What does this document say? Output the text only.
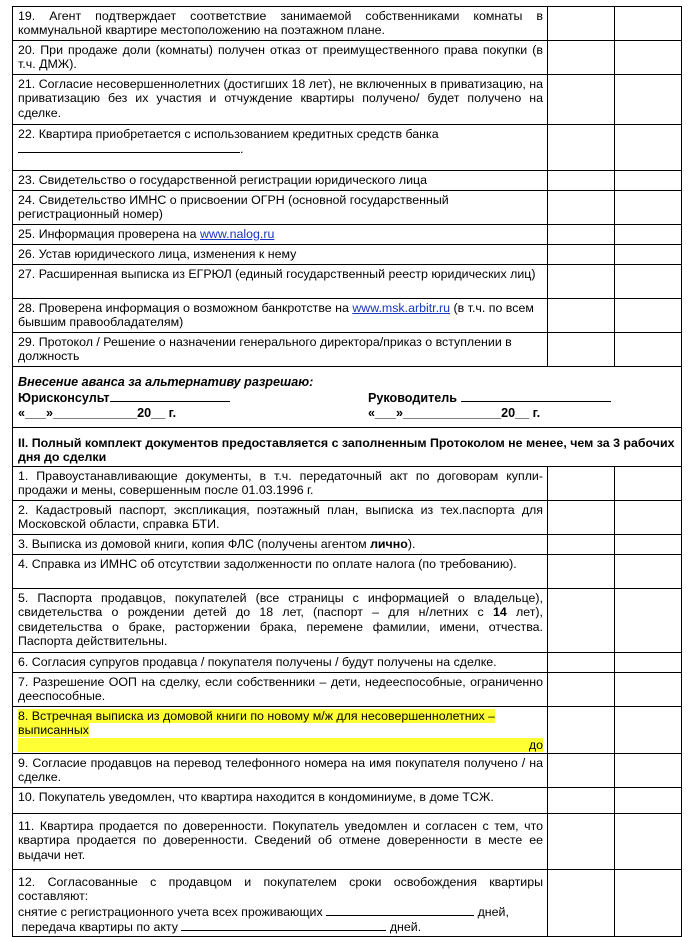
19. Агент подтверждает соответствие занимаемой собственниками комнаты в коммунальной квартире местоположению на поэтажном плане.		
20. При продаже доли (комнаты) получен отказ от преимущественного права покупки (в т.ч. ДМЖ).		
21. Согласие несовершеннолетних (достигших 18 лет), не включенных в приватизацию, на приватизацию без их участия и отчуждение квартиры получено/ будет получено на сделке.		
22. Квартира приобретается с использованием кредитных средств банка
.		
23. Свидетельство о государственной регистрации юридического лица		
24. Свидетельство ИМНС о присвоении ОГРН (основной государственный регистрационный номер)		
25. Информация проверена на www.nalog.ru		
26. Устав юридического лица, изменения к нему		
27. Расширенная выписка из ЕГРЮЛ (единый государственный реестр юридических лиц)		
28. Проверена информация о возможном банкротстве на www.msk.arbitr.ru (в т.ч. по всем бывшим правообладателям)		
29. Протокол / Решение о назначении генерального директора/приказ о вступлении в должность		

Внесение аванса за альтернативу разрешаю:
Юрисконсульт Руководитель
«___»____________20__ г. «___»______________20__ г.		

II. Полный комплект документов предоставляется с заполненным Протоколом не менее, чем за 3 рабочих дня до сделки		
1. Правоустанавливающие документы, в т.ч. передаточный акт по договорам купли-продажи и мены, совершенным после 01.03.1996 г.		
2. Кадастровый паспорт, экспликация, поэтажный план, выписка из тех.паспорта для Московской области, справка БТИ.		
3. Выписка из домовой книги, копия ФЛС (получены агентом лично).		
4. Справка из ИМНС об отсутствии задолженности по оплате налога (по требованию).		
5. Паспорта продавцов, покупателей (все страницы с информацией о владельце), свидетельства о рождении детей до 18 лет, (паспорт – для н/летних с 14 лет), свидетельства о браке, расторжении брака, перемене фамилии, имени, отчества. Паспорта действительны.		
6. Согласия супругов продавца / покупателя получены / будут получены на сделке.		
7. Разрешение ООП на сделку, если собственники – дети, недееспособные, ограниченно дееспособные.		
8. Встречная выписка из домовой книги по новому м/ж для несовершеннолетних – выписанных

до		

9. Согласие продавцов на перевод телефонного номера на имя покупателя получено / на сделке.		
10. Покупатель уведомлен, что квартира находится в кондоминиуме, в доме ТСЖ.		
11. Квартира продается по доверенности. Покупатель уведомлен и согласен с тем, что квартира продается по доверенности. Сведений об отмене доверенности в месте ее выдачи нет.		

12. Согласованные с продавцом и покупателем сроки освобождения квартиры составляют:
снятие с регистрационного учета всех проживающих дней,
передача квартиры по акту дней.		
